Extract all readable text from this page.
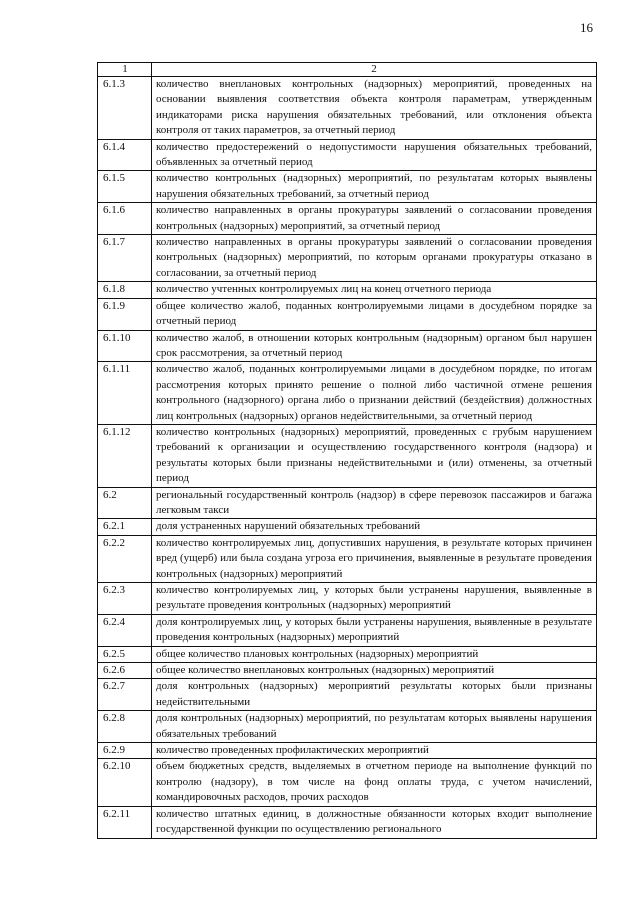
16
1	2
6.1.3	количество внеплановых контрольных (надзорных) мероприятий, проведенных на основании выявления соответствия объекта контроля параметрам, утвержденным индикаторами риска нарушения обязательных требований, или отклонения объекта контроля от таких параметров, за отчетный период
6.1.4	количество предостережений о недопустимости нарушения обязательных требований, объявленных за отчетный период
6.1.5	количество контрольных (надзорных) мероприятий, по результатам которых выявлены нарушения обязательных требований, за отчетный период
6.1.6	количество направленных в органы прокуратуры заявлений о согласовании проведения контрольных (надзорных) мероприятий, за отчетный период
6.1.7	количество направленных в органы прокуратуры заявлений о согласовании проведения контрольных (надзорных) мероприятий, по которым органами прокуратуры отказано в согласовании, за отчетный период
6.1.8	количество учтенных контролируемых лиц на конец отчетного периода
6.1.9	общее количество жалоб, поданных контролируемыми лицами в досудебном порядке за отчетный период
6.1.10	количество жалоб, в отношении которых контрольным (надзорным) органом был нарушен срок рассмотрения, за отчетный период
6.1.11	количество жалоб, поданных контролируемыми лицами в досудебном порядке, по итогам рассмотрения которых принято решение о полной либо частичной отмене решения контрольного (надзорного) органа либо о признании действий (бездействия) должностных лиц контрольных (надзорных) органов недействительными, за отчетный период
6.1.12	количество контрольных (надзорных) мероприятий, проведенных с грубым нарушением требований к организации и осуществлению государственного контроля (надзора) и результаты которых были признаны недействительными и (или) отменены, за отчетный период
6.2	региональный государственный контроль (надзор) в сфере перевозок пассажиров и багажа легковым такси
6.2.1	доля устраненных нарушений обязательных требований
6.2.2	количество контролируемых лиц, допустивших нарушения, в результате которых причинен вред (ущерб) или была создана угроза его причинения, выявленные в результате проведения контрольных (надзорных) мероприятий
6.2.3	количество контролируемых лиц, у которых были устранены нарушения, выявленные в результате проведения контрольных (надзорных) мероприятий
6.2.4	доля контролируемых лиц, у которых были устранены нарушения, выявленные в результате проведения контрольных (надзорных) мероприятий
6.2.5	общее количество плановых контрольных (надзорных) мероприятий
6.2.6	общее количество внеплановых контрольных (надзорных) мероприятий
6.2.7	доля контрольных (надзорных) мероприятий результаты которых были признаны недействительными
6.2.8	доля контрольных (надзорных) мероприятий, по результатам которых выявлены нарушения обязательных требований
6.2.9	количество проведенных профилактических мероприятий
6.2.10	объем бюджетных средств, выделяемых в отчетном периоде на выполнение функций по контролю (надзору), в том числе на фонд оплаты труда, с учетом начислений, командировочных расходов, прочих расходов
6.2.11	количество штатных единиц, в должностные обязанности которых входит выполнение государственной функции по осуществлению регионального
